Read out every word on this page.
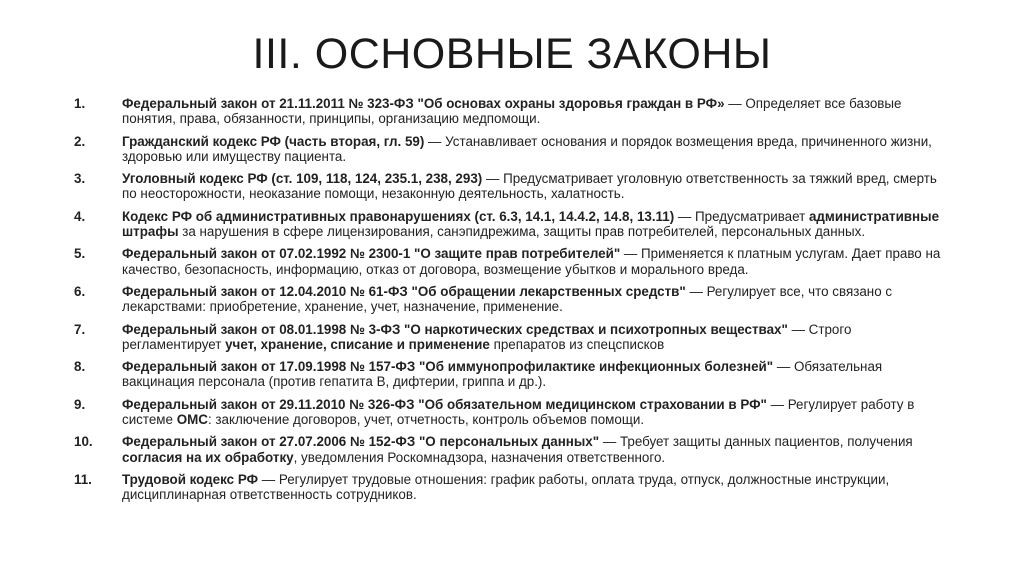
III. ОСНОВНЫЕ ЗАКОНЫ
1.	Федеральный закон от 21.11.2011 № 323-ФЗ "Об основах охраны здоровья граждан в РФ» — Определяет все базовые понятия, права, обязанности, принципы, организацию медпомощи.
2.	Гражданский кодекс РФ (часть вторая, гл. 59) — Устанавливает основания и порядок возмещения вреда, причиненного жизни, здоровью или имуществу пациента.
3.	Уголовный кодекс РФ (ст. 109, 118, 124, 235.1, 238, 293) — Предусматривает уголовную ответственность за тяжкий вред, смерть по неосторожности, неоказание помощи, незаконную деятельность, халатность.
4.	Кодекс РФ об административных правонарушениях (ст. 6.3, 14.1, 14.4.2, 14.8, 13.11) — Предусматривает административные штрафы за нарушения в сфере лицензирования, санэпидрежима, защиты прав потребителей, персональных данных.
5.	Федеральный закон от 07.02.1992 № 2300-1 "О защите прав потребителей" — Применяется к платным услугам. Дает право на качество, безопасность, информацию, отказ от договора, возмещение убытков и морального вреда.
6.	Федеральный закон от 12.04.2010 № 61-ФЗ "Об обращении лекарственных средств" — Регулирует все, что связано с лекарствами: приобретение, хранение, учет, назначение, применение.
7.	Федеральный закон от 08.01.1998 № 3-ФЗ "О наркотических средствах и психотропных веществах" — Строго регламентирует учет, хранение, списание и применение препаратов из спецсписков
8.	Федеральный закон от 17.09.1998 № 157-ФЗ "Об иммунопрофилактике инфекционных болезней" — Обязательная вакцинация персонала (против гепатита В, дифтерии, гриппа и др.).
9.	Федеральный закон от 29.11.2010 № 326-ФЗ "Об обязательном медицинском страховании в РФ" — Регулирует работу в системе ОМС: заключение договоров, учет, отчетность, контроль объемов помощи.
10. Федеральный закон от 27.07.2006 № 152-ФЗ "О персональных данных" — Требует защиты данных пациентов, получения согласия на их обработку, уведомления Роскомнадзора, назначения ответственного.
11. Трудовой кодекс РФ — Регулирует трудовые отношения: график работы, оплата труда, отпуск, должностные инструкции, дисциплинарная ответственность сотрудников.
